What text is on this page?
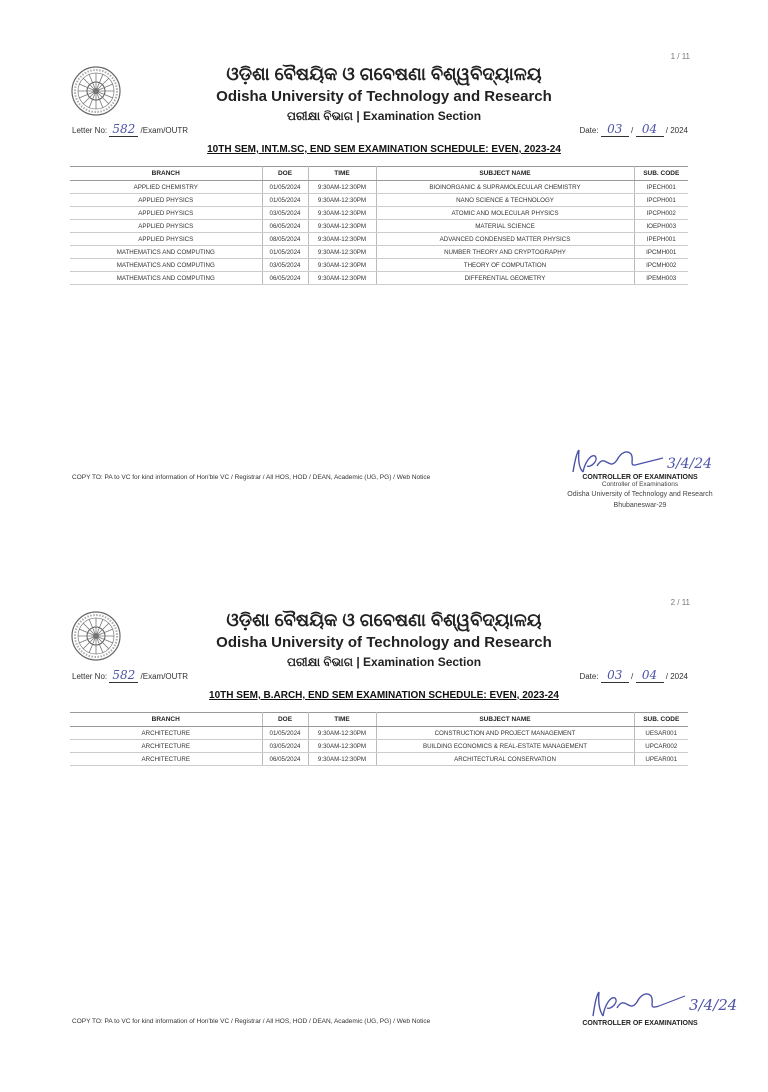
1 / 11
ଓଡ଼ିଶା ବୈଷୟିକ ଓ ଗବେଷଣା ବିଶ୍ୱବିଦ୍ୟାଳୟ
Odisha University of Technology and Research
ପରୀକ୍ଷା ବିଭାଗ | Examination Section
Letter No: 582 /Exam/OUTR	Date: 03 / 04 / 2024
10TH SEM, INT.M.SC, END SEM EXAMINATION SCHEDULE: EVEN, 2023-24
BRANCH	DOE	TIME	SUBJECT NAME	SUB. CODE
APPLIED CHEMISTRY	01/05/2024	9:30AM-12:30PM	BIOINORGANIC & SUPRAMOLECULAR CHEMISTRY	IPECH001
APPLIED PHYSICS	01/05/2024	9:30AM-12:30PM	NANO SCIENCE & TECHNOLOGY	IPCPH001
APPLIED PHYSICS	03/05/2024	9:30AM-12:30PM	ATOMIC AND MOLECULAR PHYSICS	IPCPH002
APPLIED PHYSICS	06/05/2024	9:30AM-12:30PM	MATERIAL SCIENCE	IOEPH003
APPLIED PHYSICS	08/05/2024	9:30AM-12:30PM	ADVANCED CONDENSED MATTER PHYSICS	IPEPH001
MATHEMATICS AND COMPUTING	01/05/2024	9:30AM-12:30PM	NUMBER THEORY AND CRYPTOGRAPHY	IPCMH001
MATHEMATICS AND COMPUTING	03/05/2024	9:30AM-12:30PM	THEORY OF COMPUTATION	IPCMH002
MATHEMATICS AND COMPUTING	06/05/2024	9:30AM-12:30PM	DIFFERENTIAL GEOMETRY	IPEMH003
COPY TO: PA to VC for kind information of Hon'ble VC / Registrar / All HOS, HOD / DEAN, Academic (UG, PG) / Web Notice
3/4/24
CONTROLLER OF EXAMINATIONS
Controller of Examinations
Odisha University of Technology and Research
Bhubaneswar-29
2 / 11
ଓଡ଼ିଶା ବୈଷୟିକ ଓ ଗବେଷଣା ବିଶ୍ୱବିଦ୍ୟାଳୟ
Odisha University of Technology and Research
ପରୀକ୍ଷା ବିଭାଗ | Examination Section
Letter No: 582 /Exam/OUTR	Date: 03 / 04 / 2024
10TH SEM, B.ARCH, END SEM EXAMINATION SCHEDULE: EVEN, 2023-24
BRANCH	DOE	TIME	SUBJECT NAME	SUB. CODE
ARCHITECTURE	01/05/2024	9:30AM-12:30PM	CONSTRUCTION AND PROJECT MANAGEMENT	UESAR001
ARCHITECTURE	03/05/2024	9:30AM-12:30PM	BUILDING ECONOMICS & REAL-ESTATE MANAGEMENT	UPCAR002
ARCHITECTURE	06/05/2024	9:30AM-12:30PM	ARCHITECTURAL CONSERVATION	UPEAR001
3/4/24
COPY TO: PA to VC for kind information of Hon'ble VC / Registrar / All HOS, HOD / DEAN, Academic (UG, PG) / Web Notice	CONTROLLER OF EXAMINATIONS
